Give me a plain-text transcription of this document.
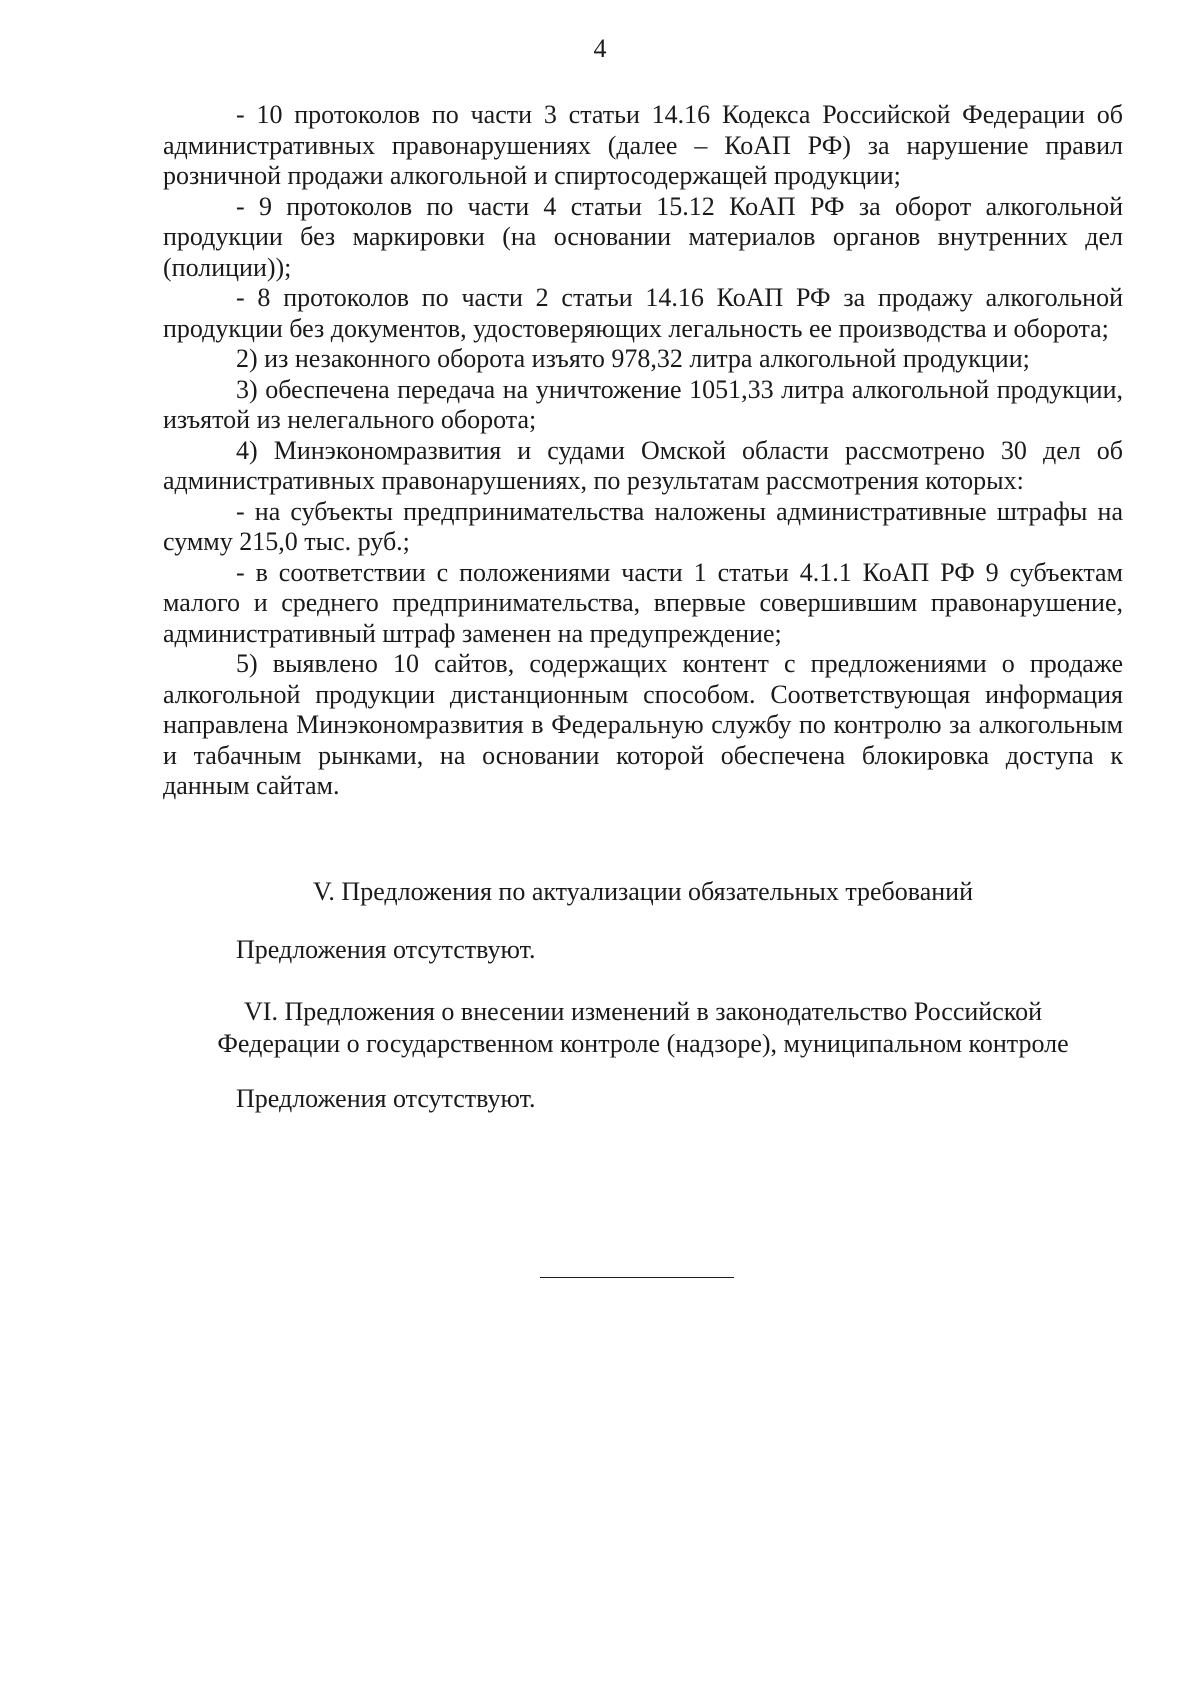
4

- 10 протоколов по части 3 статьи 14.16 Кодекса Российской Федерации об административных правонарушениях (далее – КоАП РФ) за нарушение правил розничной продажи алкогольной и спиртосодержащей продукции;

- 9 протоколов по части 4 статьи 15.12 КоАП РФ за оборот алкогольной продукции без маркировки (на основании материалов органов внутренних дел (полиции));

- 8 протоколов по части 2 статьи 14.16 КоАП РФ за продажу алкогольной продукции без документов, удостоверяющих легальность ее производства и оборота;

2) из незаконного оборота изъято 978,32 литра алкогольной продукции;

3) обеспечена передача на уничтожение 1051,33 литра алкогольной продукции, изъятой из нелегального оборота;

4) Минэкономразвития и судами Омской области рассмотрено 30 дел об административных правонарушениях, по результатам рассмотрения которых:

- на субъекты предпринимательства наложены административные штрафы на сумму 215,0 тыс. руб.;

- в соответствии с положениями части 1 статьи 4.1.1 КоАП РФ 9 субъектам малого и среднего предпринимательства, впервые совершившим правонарушение, административный штраф заменен на предупреждение;

5) выявлено 10 сайтов, содержащих контент с предложениями о продаже алкогольной продукции дистанционным способом. Соответствующая информация направлена Минэкономразвития в Федеральную службу по контролю за алкогольным и табачным рынками, на основании которой обеспечена блокировка доступа к данным сайтам.

V. Предложения по актуализации обязательных требований

Предложения отсутствуют.

VI. Предложения о внесении изменений в законодательство Российской Федерации о государственном контроле (надзоре), муниципальном контроле

Предложения отсутствуют.
